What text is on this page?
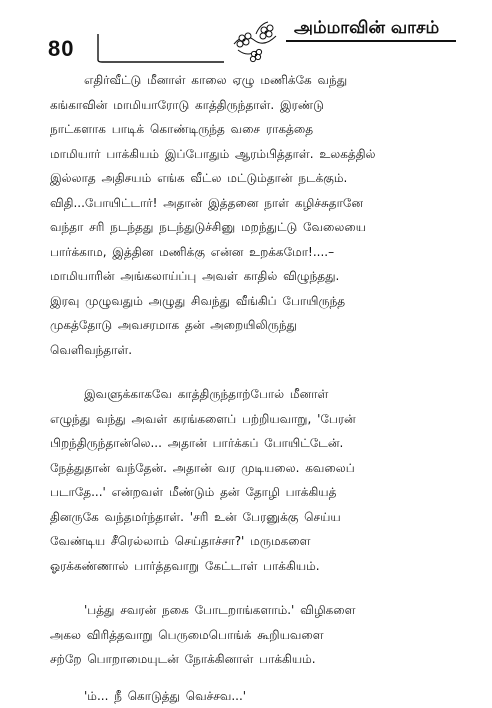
80
அம்மாவின் வாசம்
எதிர்வீட்டு மீனாள் காலை ஏழு மணிக்கே வந்து
கங்காவின் மாமியாரோடு காத்திருந்தாள். இரண்டு
நாட்களாக பாடிக் கொண்டிருந்த வசை ராகத்தை
மாமியார் பாக்கியம் இப்போதும் ஆரம்பித்தாள். உலகத்தில்
இல்லாத அதிசயம் எங்க வீட்ல மட்டும்தான் நடக்கும்.
விதி...போயிட்டார்! அதான் இத்தனை நாள் கழிச்சுதானே
வந்தா சரி நடந்தது நடந்துடுச்சினு மறந்துட்டு வேலையை
பார்க்காம, இத்தின மணிக்கு என்ன உறக்கமோ!....–
மாமியாரின் அங்கலாய்ப்பு அவள் காதில் விழுந்தது.
இரவு முழுவதும் அழுது சிவந்து வீங்கிப் போயிருந்த
முகத்தோடு அவசரமாக தன் அறையிலிருந்து
வெளிவந்தாள்.
இவளுக்காகவே காத்திருந்தாற்போல் மீனாள்
எழுந்து வந்து அவள் கரங்களைப் பற்றியவாறு, 'பேரன்
பிறந்திருந்தான்லெ... அதான் பார்க்கப் போயிட்டேன்.
நேத்துதான் வந்தேன். அதான் வர முடியலை. கவலைப்
படாதே...' என்றவள் மீண்டும் தன் தோழி பாக்கியத்
தினருகே வந்தமர்ந்தாள். 'சரி உன் பேரனுக்கு செய்ய
வேண்டிய சீரெல்லாம் செய்தாச்சா?' மருமகளை
ஓரக்கண்ணால் பார்த்தவாறு கேட்டாள் பாக்கியம்.
'பத்து சவரன் நகை போடறாங்களாம்.' விழிகளை
அகல விரித்தவாறு பெருமைபொங்க் கூறியவளை
சற்றே பொறாமையுடன் நோக்கினாள் பாக்கியம்.
'ம்... நீ கொடுத்து வெச்சவ...'
